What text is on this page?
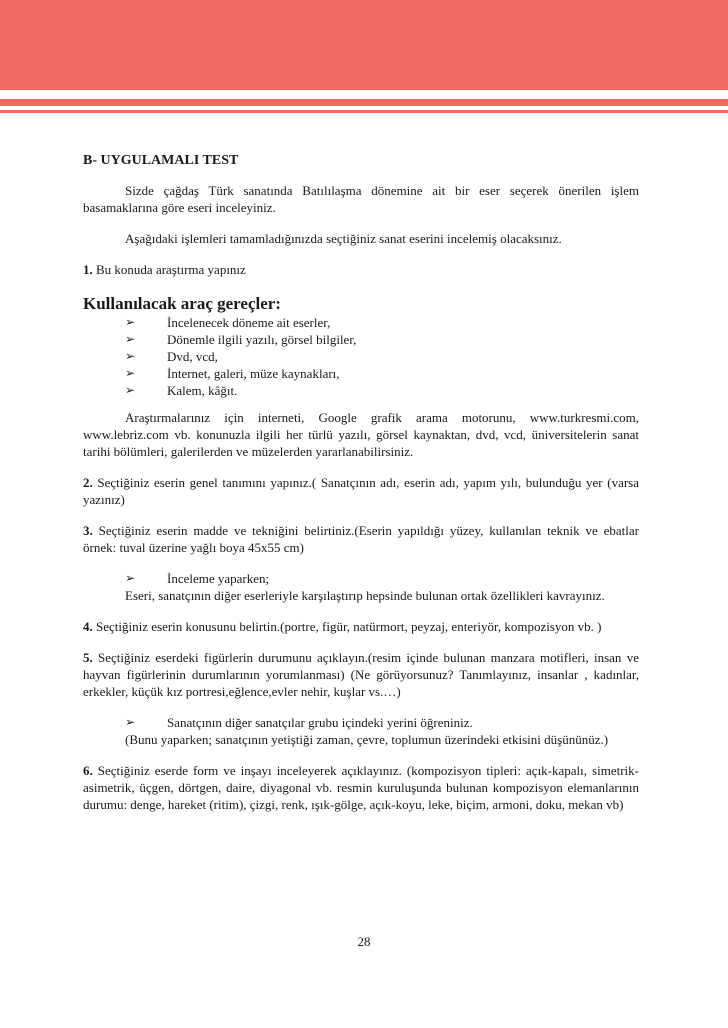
B- UYGULAMALI TEST

Sizde çağdaş Türk sanatında Batılılaşma dönemine ait bir eser seçerek önerilen işlem basamaklarına göre eseri inceleyiniz.

Aşağıdaki işlemleri tamamladığınızda seçtiğiniz sanat eserini incelemiş olacaksınız.

1. Bu konuda araştırma yapınız

Kullanılacak araç gereçler:

➢ İncelenecek döneme ait eserler,
➢ Dönemle ilgili yazılı, görsel bilgiler,
➢ Dvd, vcd,
➢ İnternet, galeri, müze kaynakları,
➢ Kalem, kâğıt.

Araştırmalarınız için interneti, Google grafik arama motorunu, www.turkresmi.com, www.lebriz.com vb. konunuzla ilgili her türlü yazılı, görsel kaynaktan, dvd, vcd, üniversitelerin sanat tarihi bölümleri, galerilerden ve müzelerden yararlanabilirsiniz.

2. Seçtiğiniz eserin genel tanımını yapınız.( Sanatçının adı, eserin adı, yapım yılı, bulunduğu yer (varsa yazınız)

3. Seçtiğiniz eserin madde ve tekniğini belirtiniz.(Eserin yapıldığı yüzey, kullanılan teknik ve ebatlar örnek: tuval üzerine yağlı boya 45x55 cm)

➢ İnceleme yaparken;

Eseri, sanatçının diğer eserleriyle karşılaştırıp hepsinde bulunan ortak özellikleri kavrayınız.

4. Seçtiğiniz eserin konusunu belirtin.(portre, figür, natürmort, peyzaj, enteriyör, kompozisyon vb. )

5. Seçtiğiniz eserdeki figürlerin durumunu açıklayın.(resim içinde bulunan manzara motifleri, insan ve hayvan figürlerinin durumlarının yorumlanması) (Ne görüyorsunuz? Tanımlayınız, insanlar , kadınlar, erkekler, küçük kız portresi,eğlence,evler nehir, kuşlar vs.…)

➢ Sanatçının diğer sanatçılar grubu içindeki yerini öğreniniz.

(Bunu yaparken; sanatçının yetiştiği zaman, çevre, toplumun üzerindeki etkisini düşününüz.)

6. Seçtiğiniz eserde form ve inşayı inceleyerek açıklayınız. (kompozisyon tipleri: açık-kapalı, simetrik-asimetrik, üçgen, dörtgen, daire, diyagonal vb. resmin kuruluşunda bulunan kompozisyon elemanlarının durumu: denge, hareket (ritim), çizgi, renk, ışık-gölge, açık-koyu, leke, biçim, armoni, doku, mekan vb)

28
